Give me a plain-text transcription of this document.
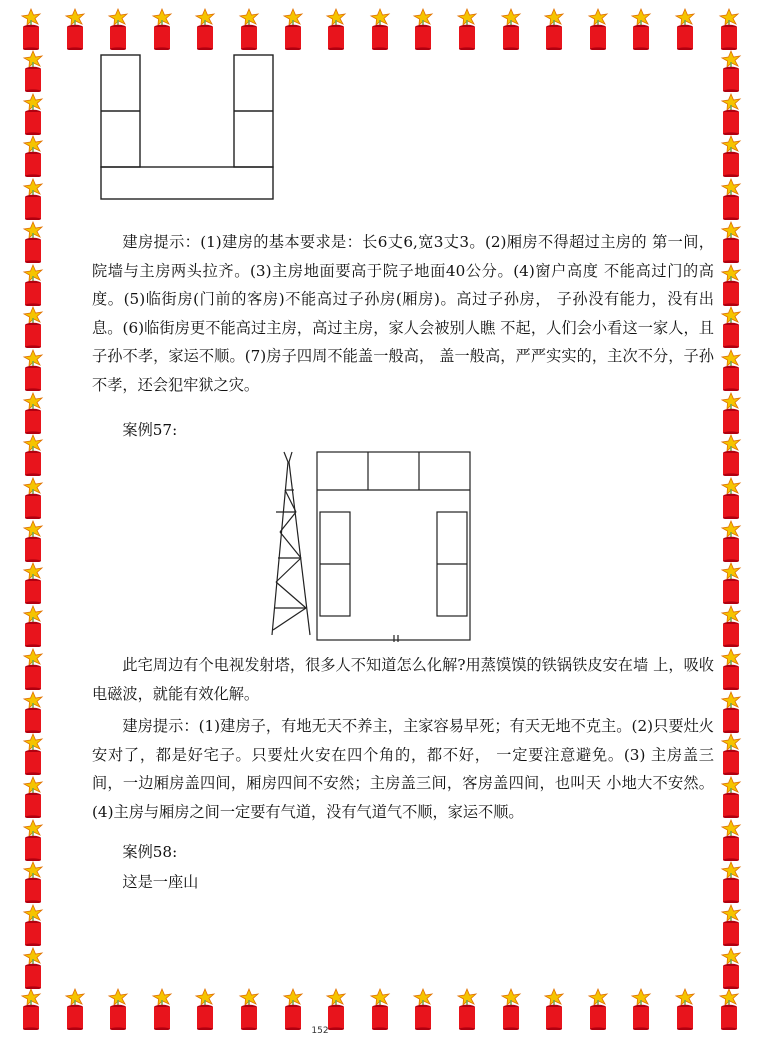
建房提示：(1)建房的基本要求是：长6丈6,宽3丈3。(2)厢房不得超过主房的 第一间，院墙与主房两头拉齐。(3)主房地面要高于院子地面40公分。(4)窗户高度 不能高过门的高度。(5)临街房(门前的客房)不能高过子孙房(厢房)。高过子孙房， 子孙没有能力，没有出息。(6)临街房更不能高过主房，高过主房，家人会被别人瞧 不起，人们会小看这一家人，且子孙不孝，家运不顺。(7)房子四周不能盖一般高， 盖一般高，严严实实的，主次不分，子孙不孝，还会犯牢狱之灾。

案例57:

此宅周边有个电视发射塔，很多人不知道怎么化解?用蒸馍馍的铁锅铁皮安在墙 上，吸收电磁波，就能有效化解。

建房提示：(1)建房子，有地无天不养主，主家容易早死；有天无地不克主。(2)只要灶火安对了，都是好宅子。只要灶火安在四个角的，都不好， 一定要注意避免。(3) 主房盖三间，一边厢房盖四间，厢房四间不安然；主房盖三间，客房盖四间，也叫天 小地大不安然。(4)主房与厢房之间一定要有气道，没有气道气不顺，家运不顺。

案例58:

这是一座山

152
